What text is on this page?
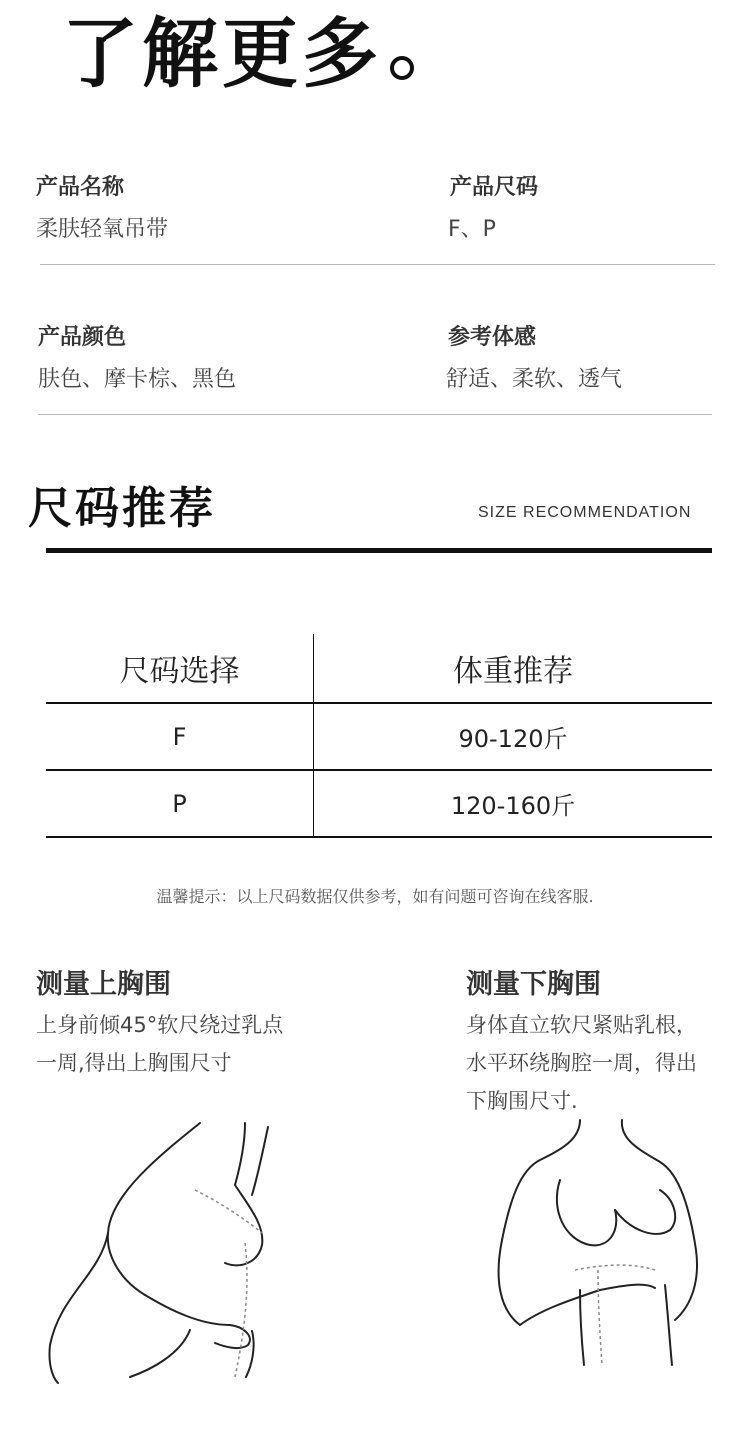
了解更多
产品名称
柔肤轻氧吊带
产品尺码
F、P
产品颜色
肤色、摩卡棕、黑色
参考体感
舒适、柔软、透气
尺码推荐	SIZE RECOMMENDATION
尺码选择	体重推荐
F	90-120斤
P	120-160斤
温馨提示：以上尺码数据仅供参考，如有问题可咨询在线客服.
测量上胸围
上身前倾45°软尺绕过乳点
一周,得出上胸围尺寸
测量下胸围
身体直立软尺紧贴乳根，
水平环绕胸腔一周，得出
下胸围尺寸.
